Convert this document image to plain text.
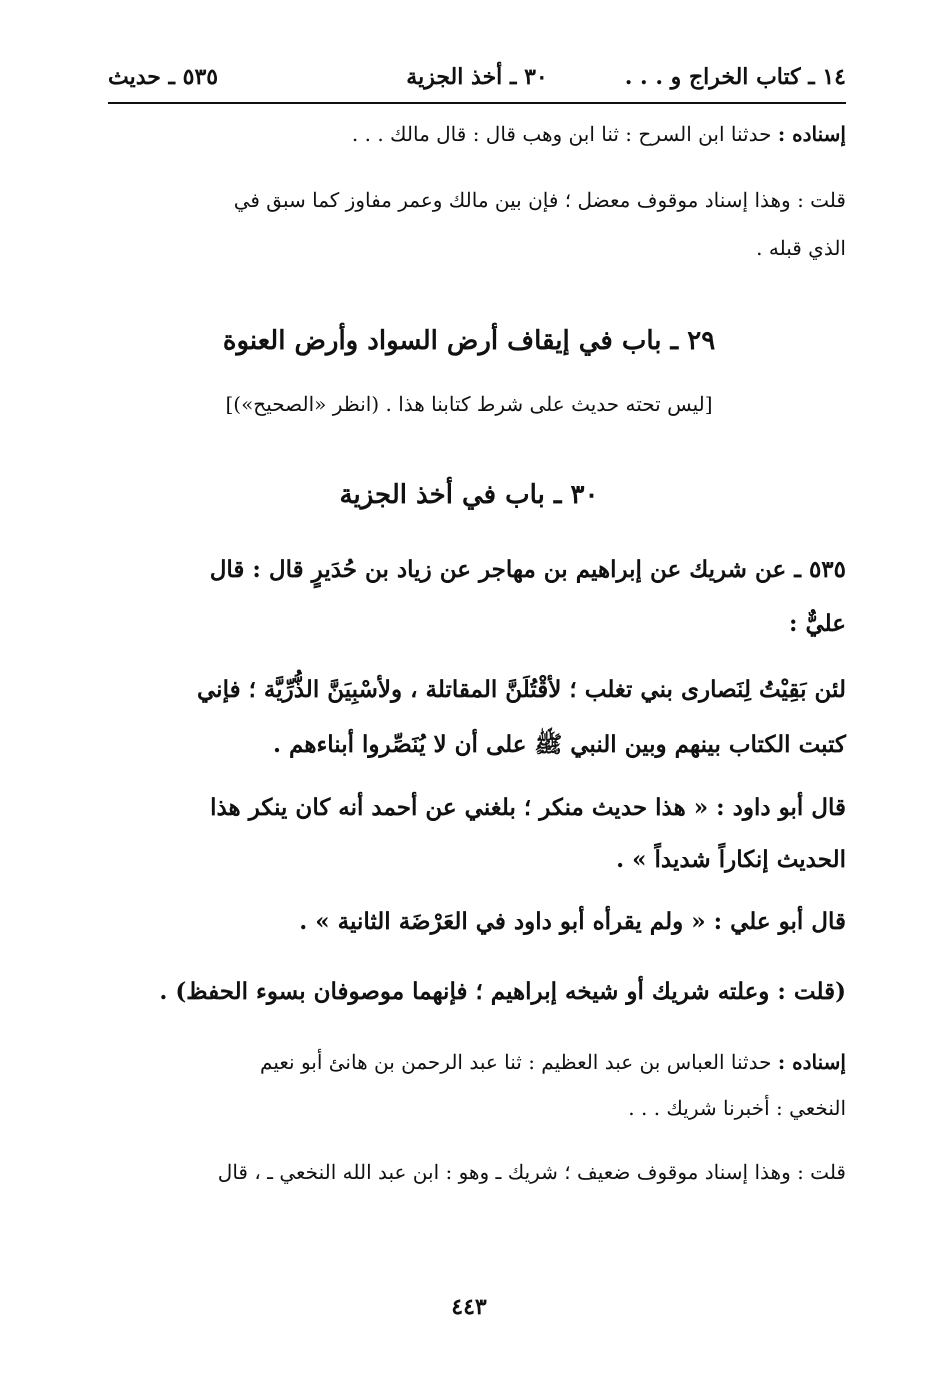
١٤ ـ كتاب الخراج و . . .
٣٠ ـ أخذ الجزية
٥٣٥ ـ حديث
إسناده : حدثنا ابن السرح : ثنا ابن وهب قال : قال مالك . . .
قلت : وهذا إسناد موقوف معضل ؛ فإن بين مالك وعمر مفاوز كما سبق في
الذي قبله .
٢٩ ـ باب في إيقاف أرض السواد وأرض العنوة
[ليس تحته حديث على شرط كتابنا هذا . (انظر «الصحيح»)]
٣٠ ـ باب في أخذ الجزية
٥٣٥ ـ عن شريك عن إبراهيم بن مهاجر عن زياد بن حُدَيرٍ قال : قال
عليٌّ :
لئن بَقِيْتُ لِنَصارى بني تغلب ؛ لأقْتُلَنَّ المقاتلة ، ولأسْبِيَنَّ الذُّرِّيَّة ؛ فإني
كتبت الكتاب بينهم وبين النبي ﷺ على أن لا يُنَصِّروا أبناءهم .
قال أبو داود : « هذا حديث منكر ؛ بلغني عن أحمد أنه كان ينكر هذا
الحديث إنكاراً شديداً » .
قال أبو علي : « ولم يقرأه أبو داود في العَرْضَة الثانية » .
(قلت : وعلته شريك أو شيخه إبراهيم ؛ فإنهما موصوفان بسوء الحفظ) .
إسناده : حدثنا العباس بن عبد العظيم : ثنا عبد الرحمن بن هانئ أبو نعيم
النخعي : أخبرنا شريك . . .
قلت : وهذا إسناد موقوف ضعيف ؛ شريك ـ وهو : ابن عبد الله النخعي ـ ، قال
٤٤٣
